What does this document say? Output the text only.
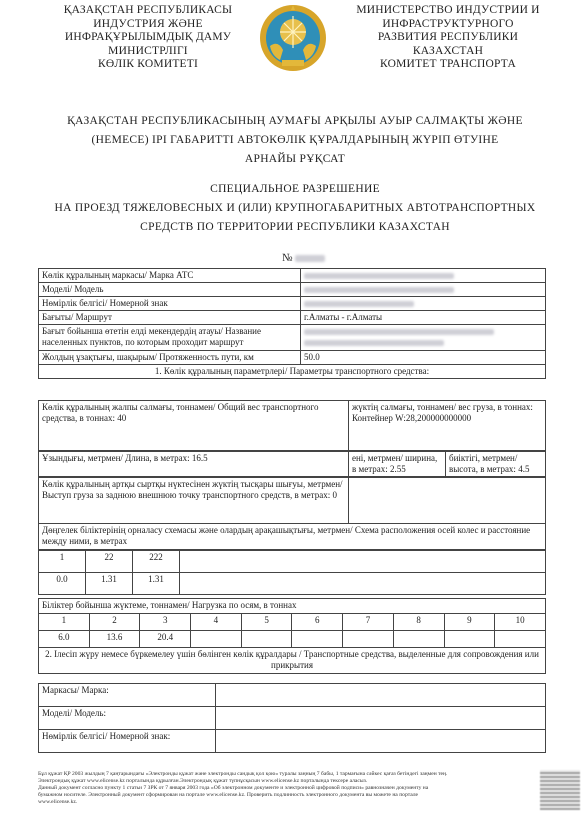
ҚАЗАҚСТАН РЕСПУБЛИКАСЫ
ИНДУСТРИЯ ЖӘНЕ
ИНФРАҚҰРЫЛЫМДЫҚ ДАМУ
МИНИСТРЛІГІ
КӨЛІК КОМИТЕТІ
МИНИСТЕРСТВО ИНДУСТРИИ И
ИНФРАСТРУКТУРНОГО
РАЗВИТИЯ РЕСПУБЛИКИ
КАЗАХСТАН
КОМИТЕТ ТРАНСПОРТА
ҚАЗАҚСТАН РЕСПУБЛИКАСЫНЫҢ АУМАҒЫ АРҚЫЛЫ АУЫР САЛМАҚТЫ ЖӘНЕ
(НЕМЕСЕ) ІРІ ГАБАРИТТІ АВТОКӨЛІК ҚҰРАЛДАРЫНЫҢ ЖҮРІП ӨТУІНЕ
АРНАЙЫ РҰҚСАТ
СПЕЦИАЛЬНОЕ РАЗРЕШЕНИЕ
НА ПРОЕЗД ТЯЖЕЛОВЕСНЫХ И (ИЛИ) КРУПНОГАБАРИТНЫХ АВТОТРАНСПОРТНЫХ
СРЕДСТВ ПО ТЕРРИТОРИИ РЕСПУБЛИКИ КАЗАХСТАН
№
Көлік құралының маркасы/ Марка АТС	
Моделі/ Модель	
Нөмірлік белгісі/ Номерной знак	
Бағыты/ Маршрут	г.Алматы - г.Алматы
Бағыт бойынша өтетін елді мекендердің атауы/ Название населенных пунктов, по которым проходит маршрут	

Жолдың ұзақтығы, шақырым/ Протяженность пути, км	50.0
1. Көлік құралының параметрлері/ Параметры транспортного средства:	
Көлік құралының жалпы салмағы, тоннамен/ Общий вес транспортного средства, в тоннах: 40	жүктің салмағы, тоннамен/ вес груза, в тоннах: Контейнер W:28,200000000000
Ұзындығы, метрмен/ Длина, в метрах: 16.5	ені, метрмен/ ширина, в метрах: 2.55	биіктігі, метрмен/ высота, в метрах: 4.5
Көлік құралының артқы сыртқы нүктесінен жүктің тысқары шығуы, метрмен/ Выступ груза за заднюю внешнюю точку транспортного средств, в метрах: 0	
Дөңгелек біліктерінің орналасу схемасы және олардың арақашықтығы, метрмен/ Схема расположения осей колес и расстояние между ними, в метрах
1	22	222	
0.0	1.31	1.31	
Біліктер бойынша жүктеме, тоннамен/ Нагрузка по осям, в тоннах									
1	2	3	4	5	6	7	8	9	10
6.0	13.6	20.4							
2. Ілесіп жүру немесе бүркемелеу үшін бөлінген көлік құралдары / Транспортные средства, выделенные для сопровождения или прикрытия									
Маркасы/ Марка:	
Моделі/ Модель:	
Нөмірлік белгісі/ Номерной знак:	
Бұл құжат ҚР 2003 жылдың 7 қаңтарындағы «Электронды құжат және электронды сандық қол қою» туралы заңның 7 бабы, 1 тармағына сәйкес қағаз бетіндегі заңмен тең.
Электрондық құжат www.elicense.kz порталында құрылған.Электрондық құжат түпнұсқасын www.elicense.kz порталында тексере аласыз.
Данный документ согласно пункту 1 статьи 7 ЗРК от 7 января 2003 года «Об электронном документе и электронной цифровой подписи» равнозначен документу на
бумажном носителе. Электронный документ сформирован на портале www.elicense.kz. Проверить подлинность электронного документа вы можете на портале
www.elicense.kz.
